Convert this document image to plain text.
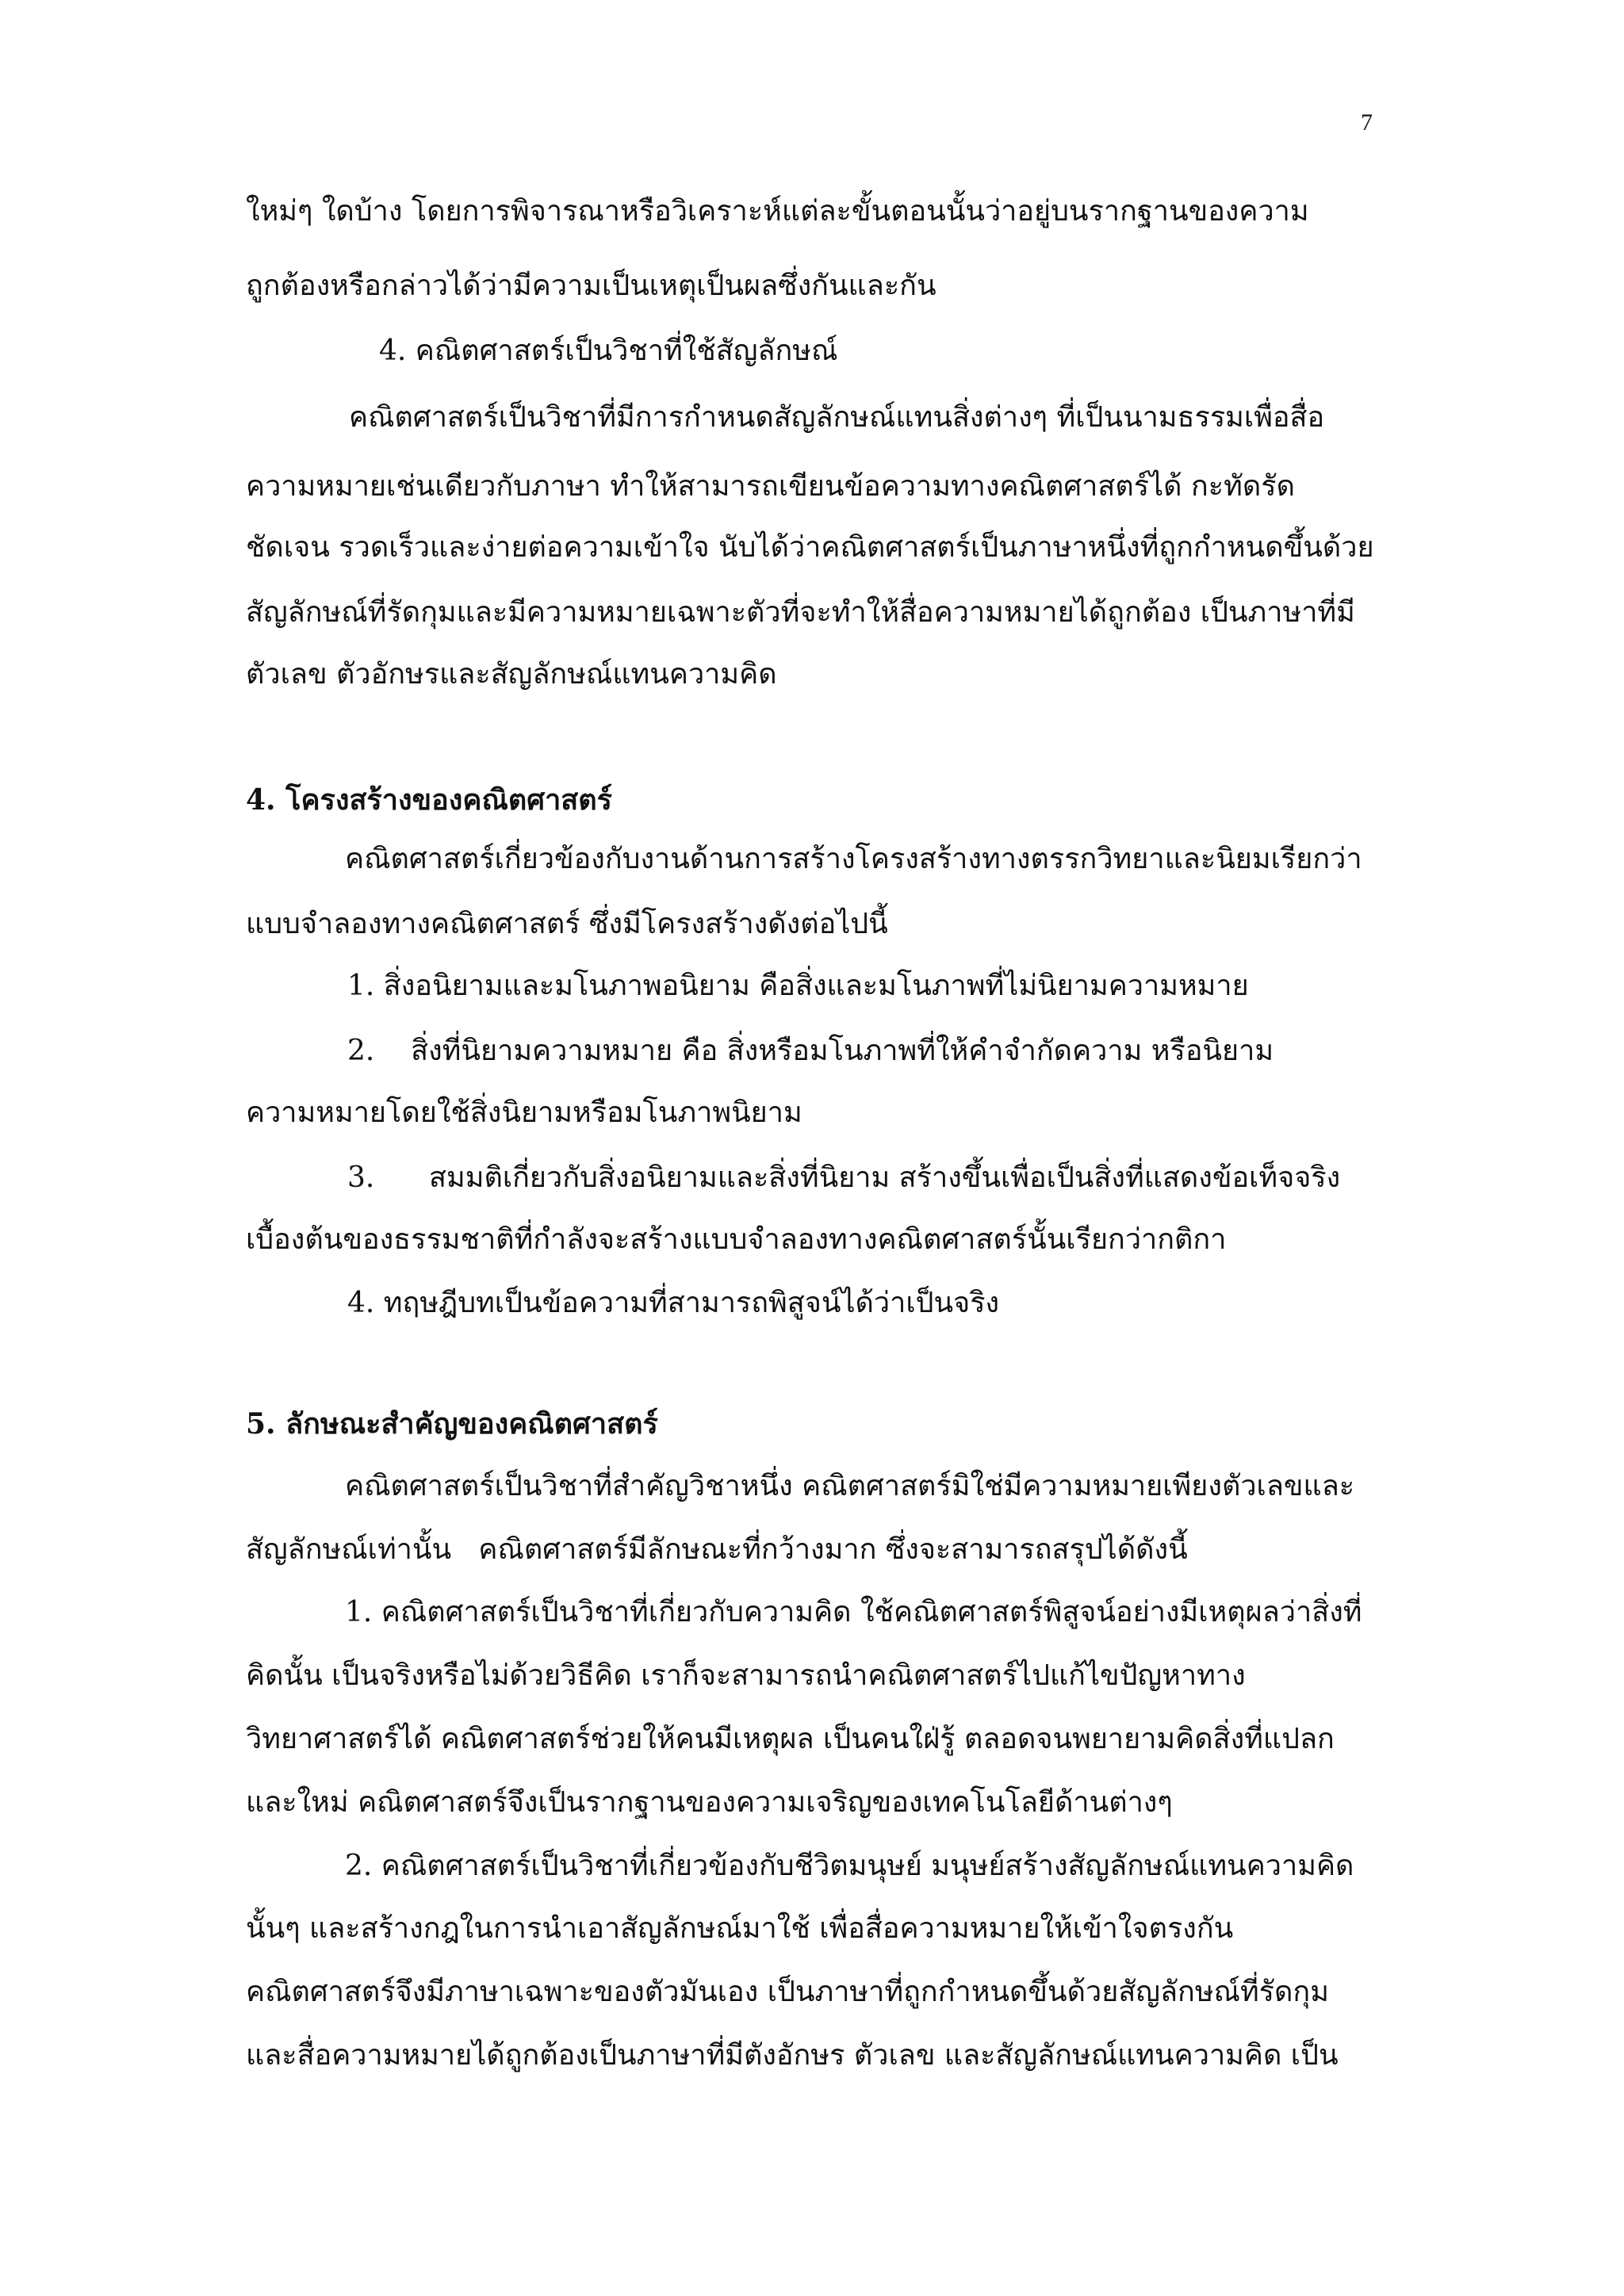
7
ใหม่ๆ ใดบ้าง โดยการพิจารณาหรือวิเคราะห์แต่ละขั้นตอนนั้นว่าอยู่บนรากฐานของความ
ถูกต้องหรือกล่าวได้ว่ามีความเป็นเหตุเป็นผลซึ่งกันและกัน
4. คณิตศาสตร์เป็นวิชาที่ใช้สัญลักษณ์
คณิตศาสตร์เป็นวิชาที่มีการกำหนดสัญลักษณ์แทนสิ่งต่างๆ ที่เป็นนามธรรมเพื่อสื่อ
ความหมายเช่นเดียวกับภาษา ทำให้สามารถเขียนข้อความทางคณิตศาสตร์ได้ กะทัดรัด
ชัดเจน รวดเร็วและง่ายต่อความเข้าใจ นับได้ว่าคณิตศาสตร์เป็นภาษาหนึ่งที่ถูกกำหนดขึ้นด้วย
สัญลักษณ์ที่รัดกุมและมีความหมายเฉพาะตัวที่จะทำให้สื่อความหมายได้ถูกต้อง เป็นภาษาที่มี
ตัวเลข ตัวอักษรและสัญลักษณ์แทนความคิด
4. โครงสร้างของคณิตศาสตร์
คณิตศาสตร์เกี่ยวข้องกับงานด้านการสร้างโครงสร้างทางตรรกวิทยาและนิยมเรียกว่า
แบบจำลองทางคณิตศาสตร์ ซึ่งมีโครงสร้างดังต่อไปนี้
1. สิ่งอนิยามและมโนภาพอนิยาม คือสิ่งและมโนภาพที่ไม่นิยามความหมาย
2.    สิ่งที่นิยามความหมาย คือ สิ่งหรือมโนภาพที่ให้คำจำกัดความ หรือนิยาม
ความหมายโดยใช้สิ่งนิยามหรือมโนภาพนิยาม
3.      สมมติเกี่ยวกับสิ่งอนิยามและสิ่งที่นิยาม สร้างขึ้นเพื่อเป็นสิ่งที่แสดงข้อเท็จจริง
เบื้องต้นของธรรมชาติที่กำลังจะสร้างแบบจำลองทางคณิตศาสตร์นั้นเรียกว่ากติกา
4. ทฤษฎีบทเป็นข้อความที่สามารถพิสูจน์ได้ว่าเป็นจริง
5. ลักษณะสำคัญของคณิตศาสตร์
คณิตศาสตร์เป็นวิชาที่สำคัญวิชาหนึ่ง คณิตศาสตร์มิใช่มีความหมายเพียงตัวเลขและ
สัญลักษณ์เท่านั้น   คณิตศาสตร์มีลักษณะที่กว้างมาก ซึ่งจะสามารถสรุปได้ดังนี้
1. คณิตศาสตร์เป็นวิชาที่เกี่ยวกับความคิด ใช้คณิตศาสตร์พิสูจน์อย่างมีเหตุผลว่าสิ่งที่
คิดนั้น เป็นจริงหรือไม่ด้วยวิธีคิด เราก็จะสามารถนำคณิตศาสตร์ไปแก้ไขปัญหาทาง
วิทยาศาสตร์ได้ คณิตศาสตร์ช่วยให้คนมีเหตุผล เป็นคนใฝ่รู้ ตลอดจนพยายามคิดสิ่งที่แปลก
และใหม่ คณิตศาสตร์จึงเป็นรากฐานของความเจริญของเทคโนโลยีด้านต่างๆ
2. คณิตศาสตร์เป็นวิชาที่เกี่ยวข้องกับชีวิตมนุษย์ มนุษย์สร้างสัญลักษณ์แทนความคิด
นั้นๆ และสร้างกฎในการนำเอาสัญลักษณ์มาใช้ เพื่อสื่อความหมายให้เข้าใจตรงกัน
คณิตศาสตร์จึงมีภาษาเฉพาะของตัวมันเอง เป็นภาษาที่ถูกกำหนดขึ้นด้วยสัญลักษณ์ที่รัดกุม
และสื่อความหมายได้ถูกต้องเป็นภาษาที่มีตังอักษร ตัวเลข และสัญลักษณ์แทนความคิด เป็น
